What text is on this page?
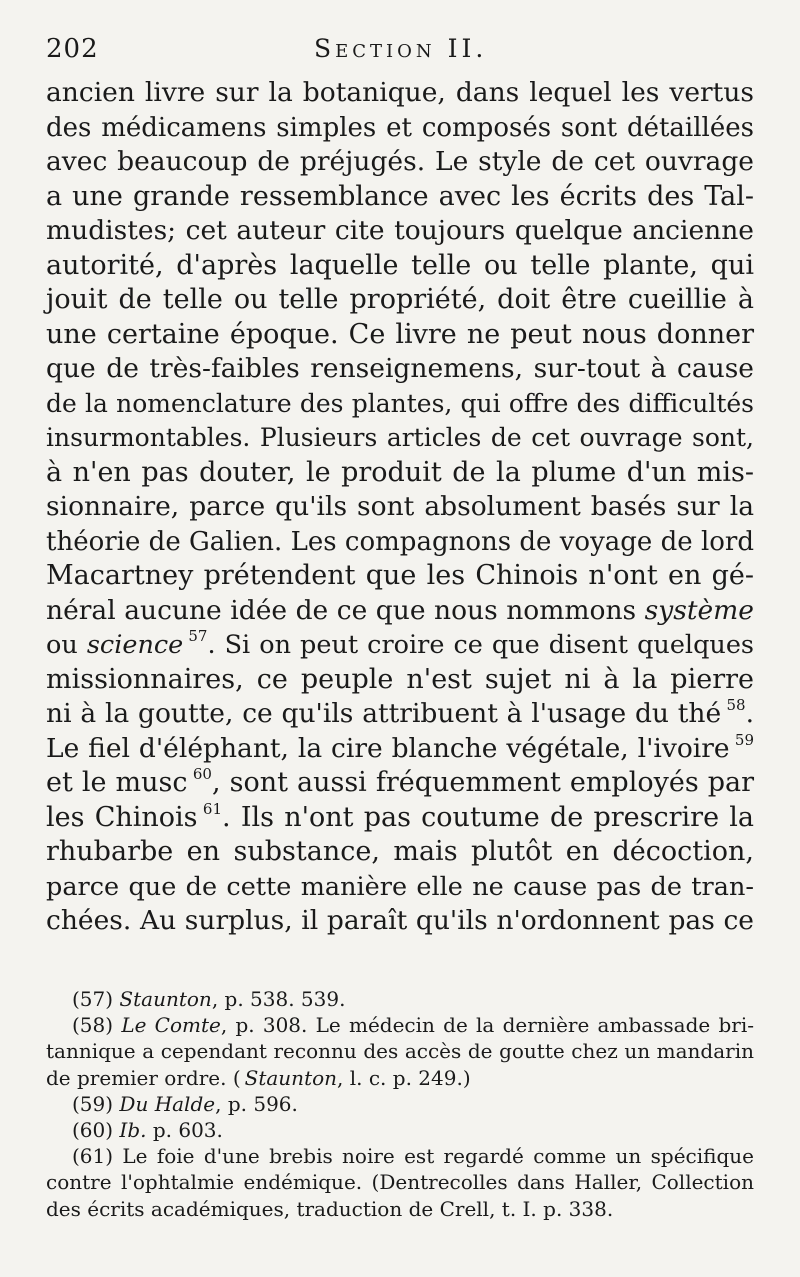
202	Section II.
ancien livre sur la botanique, dans lequel les vertus
des médicamens simples et composés sont détaillées
avec beaucoup de préjugés. Le style de cet ouvrage
a une grande ressemblance avec les écrits des Tal-
mudistes; cet auteur cite toujours quelque ancienne
autorité, d'après laquelle telle ou telle plante, qui
jouit de telle ou telle propriété, doit être cueillie à
une certaine époque. Ce livre ne peut nous donner
que de très-faibles renseignemens, sur-tout à cause
de la nomenclature des plantes, qui offre des difficultés
insurmontables. Plusieurs articles de cet ouvrage sont,
à n'en pas douter, le produit de la plume d'un mis-
sionnaire, parce qu'ils sont absolument basés sur la
théorie de Galien. Les compagnons de voyage de lord
Macartney prétendent que les Chinois n'ont en gé-
néral aucune idée de ce que nous nommons système
ou science  $^{57}$. Si on peut croire ce que disent quelques
missionnaires, ce peuple n'est sujet ni à la pierre
ni à la goutte, ce qu'ils attribuent à l'usage du thé  $^{58}$.
Le fiel d'éléphant, la cire blanche végétale, l'ivoire  $^{59}$
et le musc  $^{60}$, sont aussi fréquemment employés par
les Chinois  $^{61}$. Ils n'ont pas coutume de prescrire la
rhubarbe en substance, mais plutôt en décoction,
parce que de cette manière elle ne cause pas de tran-
chées. Au surplus, il paraît qu'ils n'ordonnent pas ce
(57) Staunton, p. 538. 539.
(58) Le Comte, p. 308. Le médecin de la dernière ambassade bri-
tannique a cependant reconnu des accès de goutte chez un mandarin
de premier ordre. (  Staunton, l. c. p. 249.)
(59) Du Halde, p. 596.
(60) Ib. p. 603.
(61) Le foie d'une brebis noire est regardé comme un spécifique
contre l'ophtalmie endémique. (Dentrecolles dans Haller, Collection
des écrits académiques, traduction de Crell, t. I. p. 338.
